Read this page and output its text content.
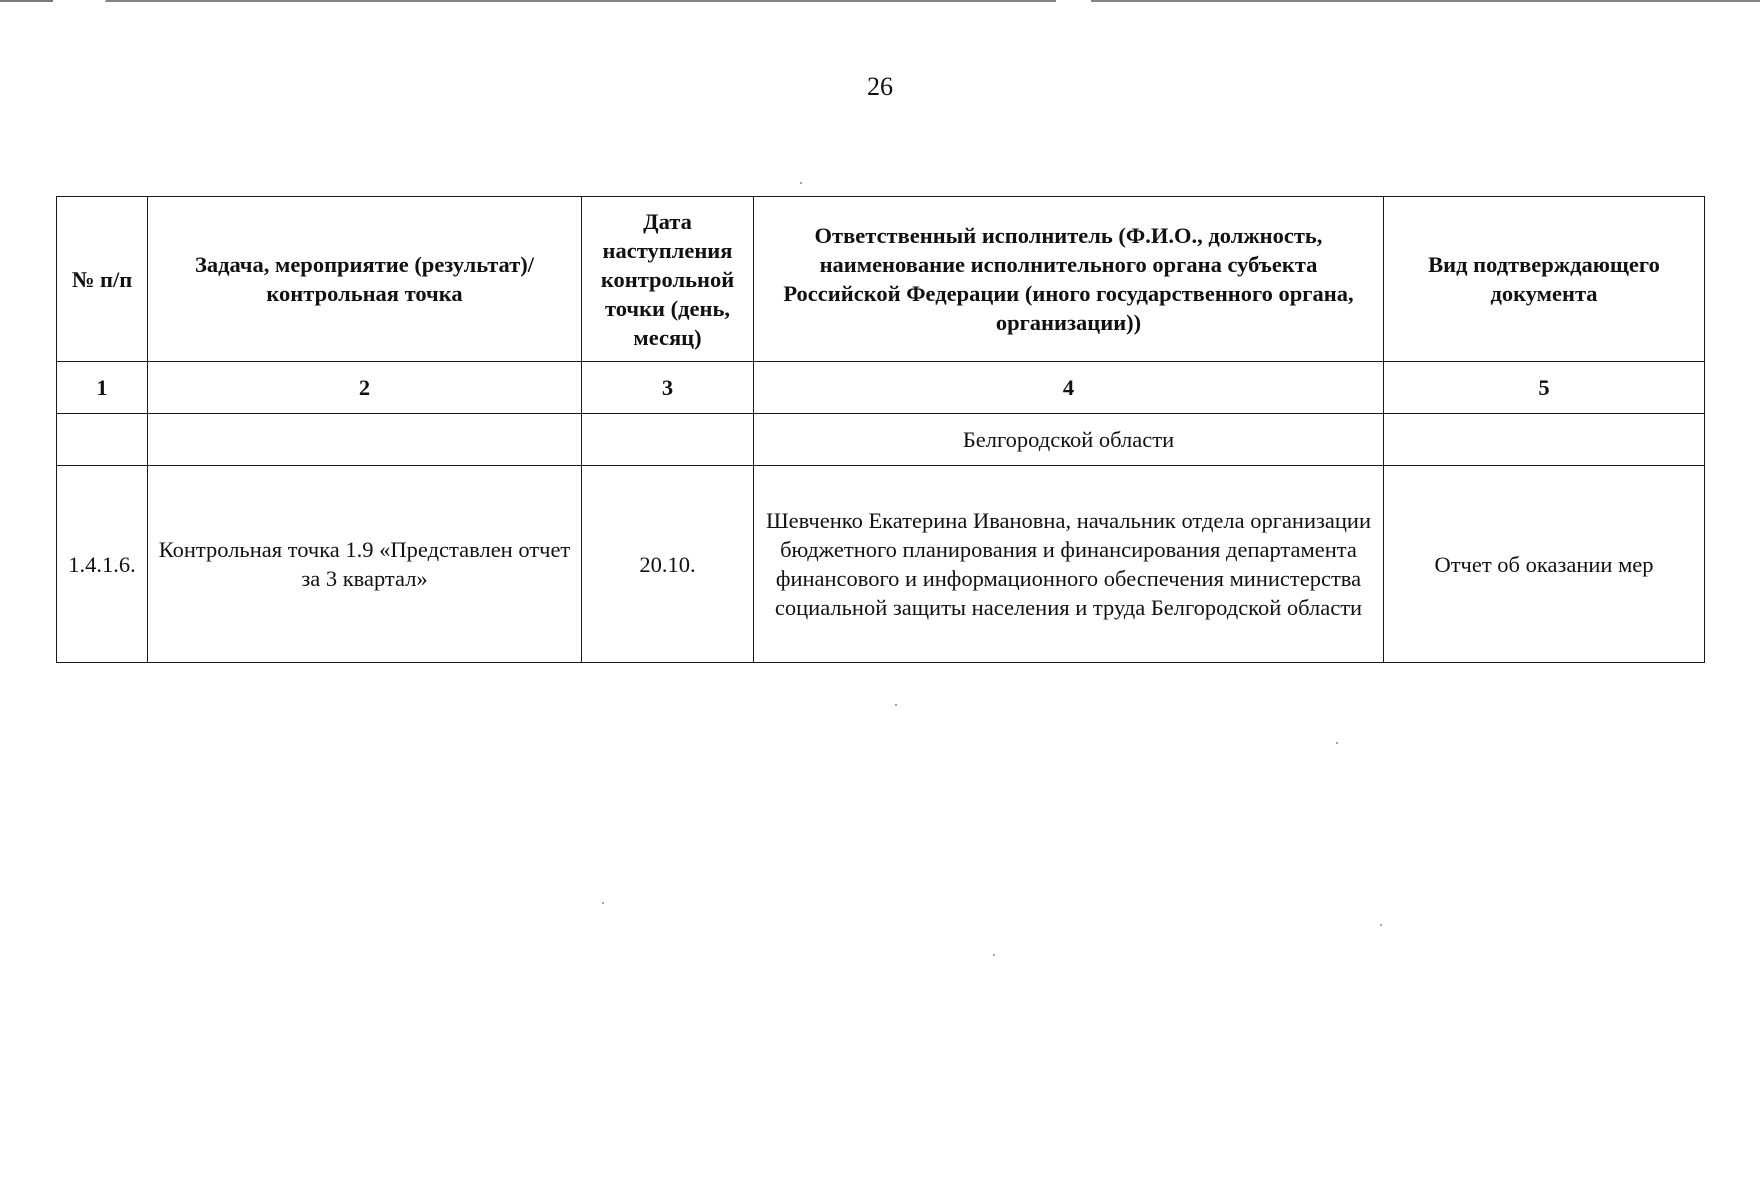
26
№ п/п	Задача, мероприятие (результат)/ контрольная точка	Дата наступления контрольной точки (день, месяц)	Ответственный исполнитель (Ф.И.О., должность, наименование исполнительного органа субъекта Российской Федерации (иного государственного органа, организации))	Вид подтверждающего документа
1	2	3	4	5
			Белгородской области	
1.4.1.6.	Контрольная точка 1.9 «Представлен отчет за 3 квартал»	20.10.	Шевченко Екатерина Ивановна, начальник отдела организации бюджетного планирования и финансирования департамента финансового и информационного обеспечения министерства социальной защиты населения и труда Белгородской области	Отчет об оказании мер
